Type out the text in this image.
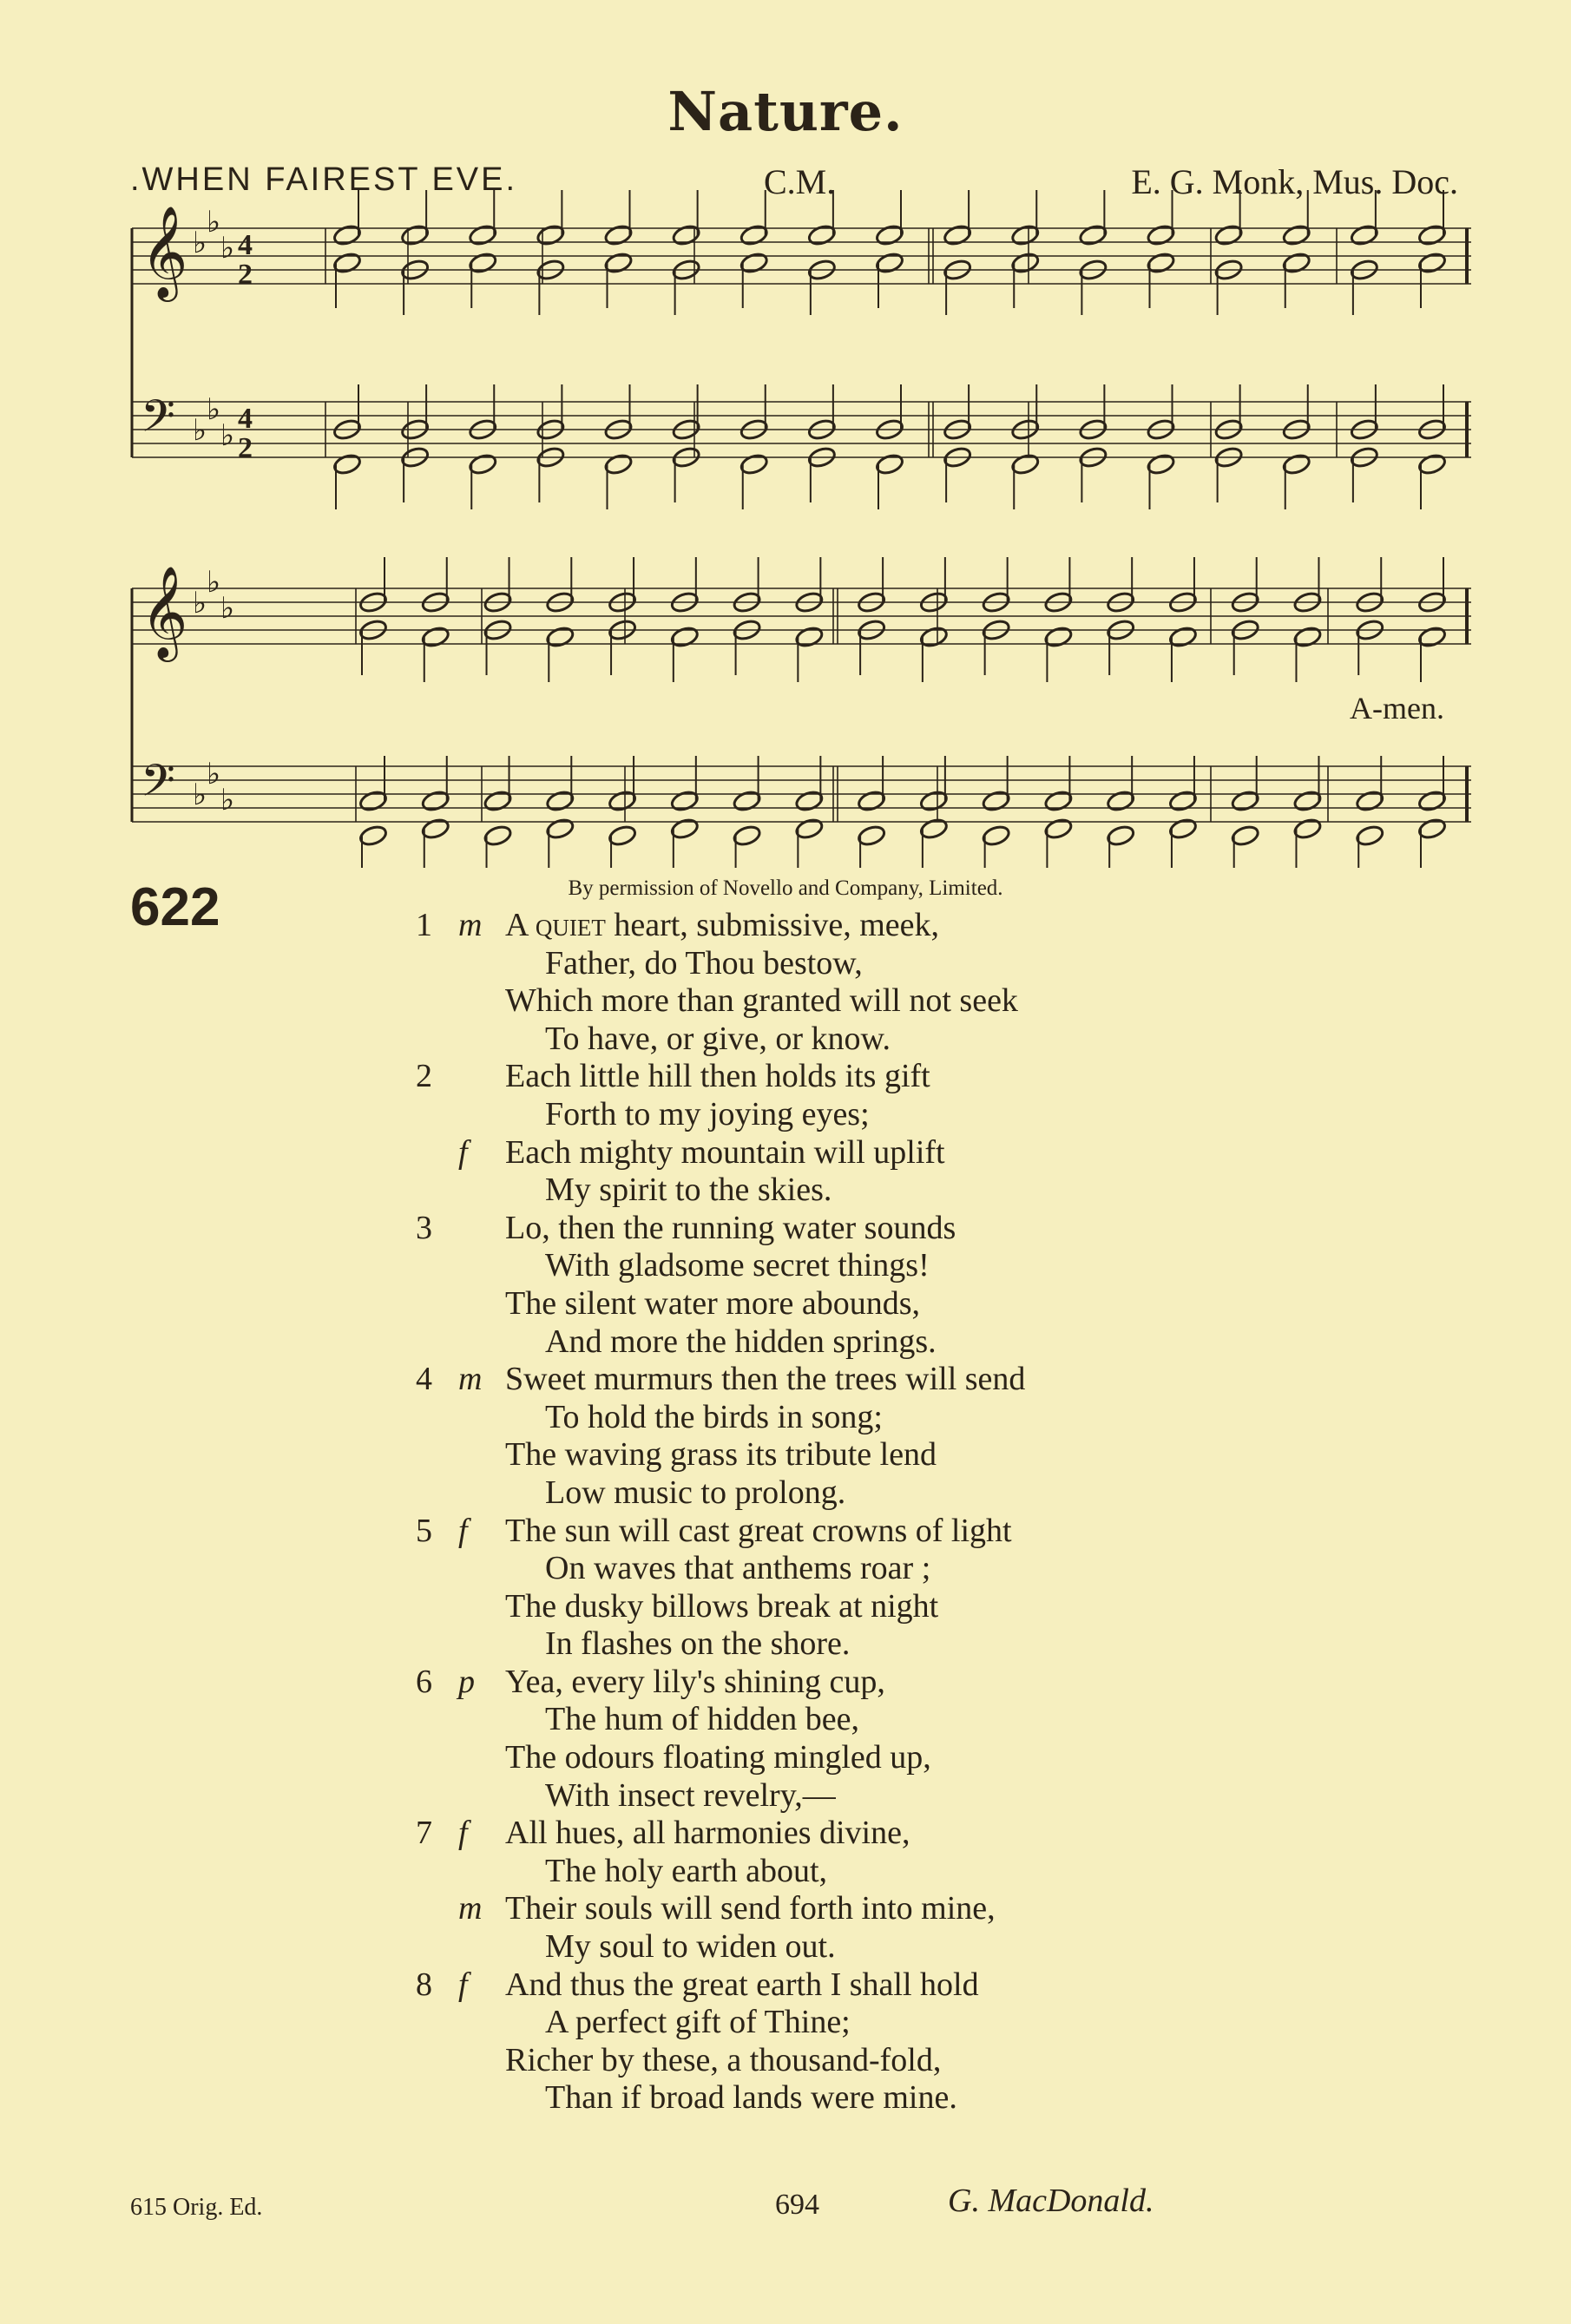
Nature.
.WHEN FAIREST EVE.	C.M.	E. G. Monk, Mus. Doc.
𝄞 ♭
♭
♭ 4
2
𝄢 ♭
♭
♭ 4
2
𝄞 ♭
♭
♭
𝄢 ♭
♭
♭
A-men.
622	By permission of Novello and Company, Limited.
1 m A quiet heart, submissive, meek,
Father, do Thou bestow,
Which more than granted will not seek
To have, or give, or know.
2 Each little hill then holds its gift
Forth to my joying eyes;
f Each mighty mountain will uplift
My spirit to the skies.
3 Lo, then the running water sounds
With gladsome secret things!
The silent water more abounds,
And more the hidden springs.
4 m Sweet murmurs then the trees will send
To hold the birds in song;
The waving grass its tribute lend
Low music to prolong.
5 f The sun will cast great crowns of light
On waves that anthems roar ;
The dusky billows break at night
In flashes on the shore.
6 p Yea, every lily's shining cup,
The hum of hidden bee,
The odours floating mingled up,
With insect revelry,—
7 f All hues, all harmonies divine,
The holy earth about,
m Their souls will send forth into mine,
My soul to widen out.
8 f And thus the great earth I shall hold
A perfect gift of Thine;
Richer by these, a thousand-fold,
Than if broad lands were mine.
615 Orig. Ed.	694	G. MacDonald.
